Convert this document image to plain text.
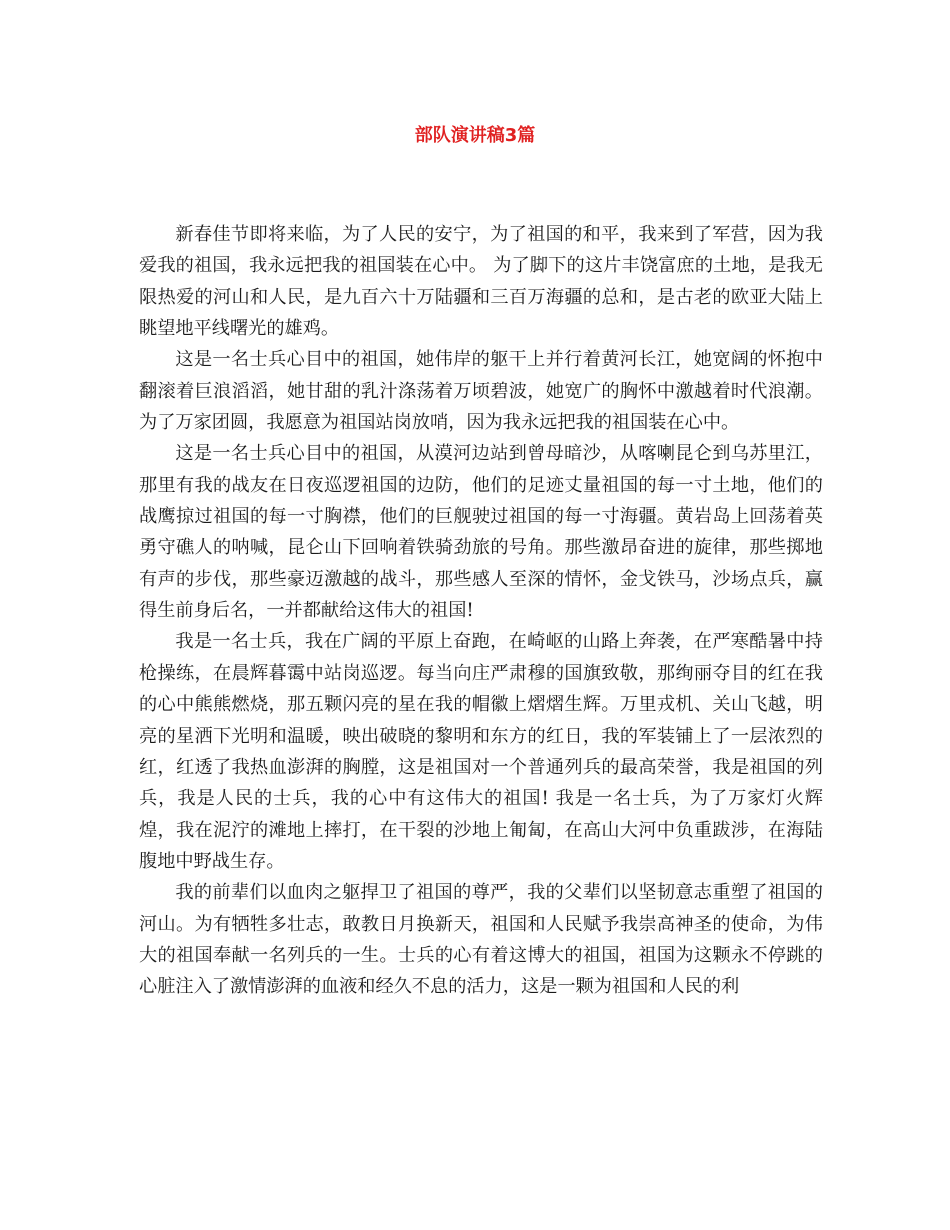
部队演讲稿3篇

新春佳节即将来临，为了人民的安宁，为了祖国的和平，我来到了军营，因为我爱我的祖国，我永远把我的祖国装在心中。 为了脚下的这片丰饶富庶的土地，是我无限热爱的河山和人民，是九百六十万陆疆和三百万海疆的总和，是古老的欧亚大陆上眺望地平线曙光的雄鸡。

这是一名士兵心目中的祖国，她伟岸的躯干上并行着黄河长江，她宽阔的怀抱中翻滚着巨浪滔滔，她甘甜的乳汁涤荡着万顷碧波，她宽广的胸怀中激越着时代浪潮。 为了万家团圆，我愿意为祖国站岗放哨，因为我永远把我的祖国装在心中。

这是一名士兵心目中的祖国，从漠河边站到曾母暗沙，从喀喇昆仑到乌苏里江，那里有我的战友在日夜巡逻祖国的边防，他们的足迹丈量祖国的每一寸土地，他们的战鹰掠过祖国的每一寸胸襟，他们的巨舰驶过祖国的每一寸海疆。黄岩岛上回荡着英勇守礁人的呐喊，昆仑山下回响着铁骑劲旅的号角。那些激昂奋进的旋律，那些掷地有声的步伐，那些豪迈激越的战斗，那些感人至深的情怀，金戈铁马，沙场点兵，赢得生前身后名，一并都献给这伟大的祖国!

我是一名士兵，我在广阔的平原上奋跑，在崎岖的山路上奔袭，在严寒酷暑中持枪操练，在晨辉暮霭中站岗巡逻。每当向庄严肃穆的国旗致敬，那绚丽夺目的红在我的心中熊熊燃烧，那五颗闪亮的星在我的帽徽上熠熠生辉。万里戎机、关山飞越，明亮的星洒下光明和温暖，映出破晓的黎明和东方的红日，我的军装铺上了一层浓烈的红，红透了我热血澎湃的胸膛，这是祖国对一个普通列兵的最高荣誉，我是祖国的列兵，我是人民的士兵，我的心中有这伟大的祖国! 我是一名士兵，为了万家灯火辉煌，我在泥泞的滩地上摔打，在干裂的沙地上匍匐，在高山大河中负重跋涉，在海陆腹地中野战生存。

我的前辈们以血肉之躯捍卫了祖国的尊严，我的父辈们以坚韧意志重塑了祖国的河山。为有牺牲多壮志，敢教日月换新天，祖国和人民赋予我崇高神圣的使命，为伟大的祖国奉献一名列兵的一生。士兵的心有着这博大的祖国，祖国为这颗永不停跳的心脏注入了激情澎湃的血液和经久不息的活力，这是一颗为祖国和人民的利
